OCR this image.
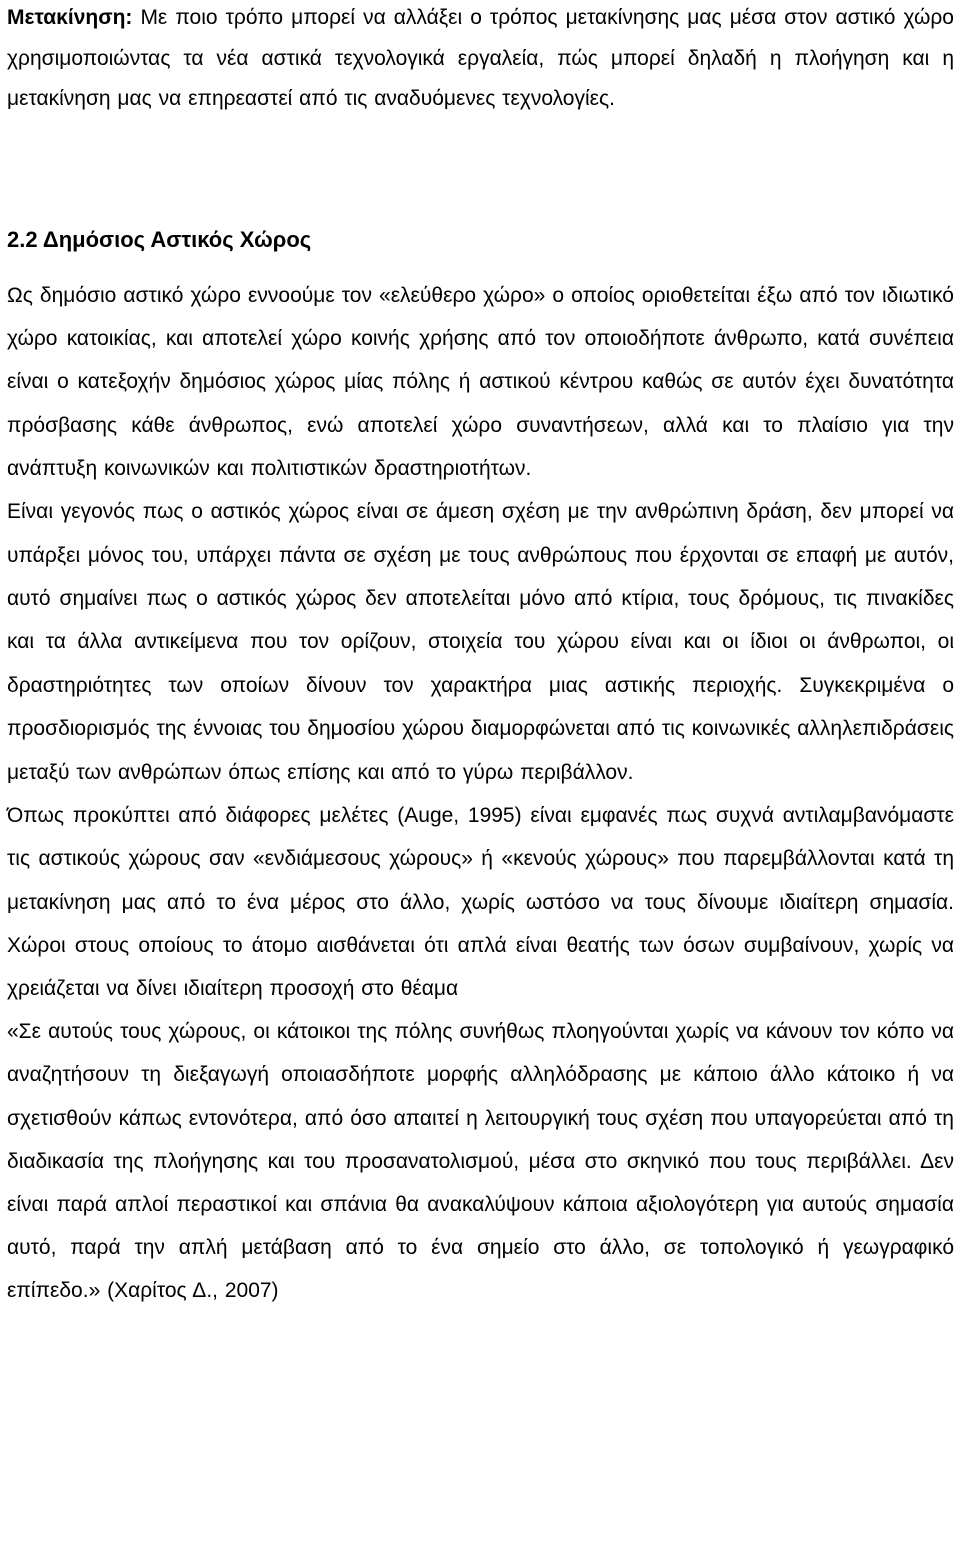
Μετακίνηση: Με ποιο τρόπο μπορεί να αλλάξει ο τρόπος μετακίνησης μας μέσα στον αστικό χώρο χρησιμοποιώντας τα νέα αστικά τεχνολογικά εργαλεία, πώς μπορεί δηλαδή η πλοήγηση και η μετακίνηση μας να επηρεαστεί από τις αναδυόμενες τεχνολογίες.

2.2 Δημόσιος Αστικός Χώρος

Ως δημόσιο αστικό χώρο εννοούμε τον «ελεύθερο χώρο» ο οποίος οριοθετείται έξω από τον ιδιωτικό χώρο κατοικίας, και αποτελεί χώρο κοινής χρήσης από τον οποιοδήποτε άνθρωπο, κατά συνέπεια είναι ο κατεξοχήν δημόσιος χώρος μίας πόλης ή αστικού κέντρου καθώς σε αυτόν έχει δυνατότητα πρόσβασης κάθε άνθρωπος, ενώ αποτελεί χώρο συναντήσεων, αλλά και το πλαίσιο για την ανάπτυξη κοινωνικών και πολιτιστικών δραστηριοτήτων.

Είναι γεγονός πως ο αστικός χώρος είναι σε άμεση σχέση με την ανθρώπινη δράση, δεν μπορεί να υπάρξει μόνος του, υπάρχει πάντα σε σχέση με τους ανθρώπους που έρχονται σε επαφή με αυτόν, αυτό σημαίνει πως ο αστικός χώρος δεν αποτελείται μόνο από κτίρια, τους δρόμους, τις πινακίδες και τα άλλα αντικείμενα που τον ορίζουν, στοιχεία του χώρου είναι και οι ίδιοι οι άνθρωποι, οι δραστηριότητες των οποίων δίνουν τον χαρακτήρα μιας αστικής περιοχής. Συγκεκριμένα ο προσδιορισμός της έννοιας του δημοσίου χώρου διαμορφώνεται από τις κοινωνικές αλληλεπιδράσεις μεταξύ των ανθρώπων όπως επίσης και από το γύρω περιβάλλον.

Όπως προκύπτει από διάφορες μελέτες (Auge, 1995) είναι εμφανές πως συχνά αντιλαμβανόμαστε τις αστικούς χώρους σαν «ενδιάμεσους χώρους» ή «κενούς χώρους» που παρεμβάλλονται κατά τη μετακίνηση μας από το ένα μέρος στο άλλο, χωρίς ωστόσο να τους δίνουμε ιδιαίτερη σημασία. Χώροι στους οποίους το άτομο αισθάνεται ότι απλά είναι θεατής των όσων συμβαίνουν, χωρίς να χρειάζεται να δίνει ιδιαίτερη προσοχή στο θέαμα

«Σε αυτούς τους χώρους, οι κάτοικοι της πόλης συνήθως πλοηγούνται χωρίς να κάνουν τον κόπο να αναζητήσουν τη διεξαγωγή οποιασδήποτε μορφής αλληλόδρασης με κάποιο άλλο κάτοικο ή να σχετισθούν κάπως εντονότερα, από όσο απαιτεί η λειτουργική τους σχέση που υπαγορεύεται από τη διαδικασία της πλοήγησης και του προσανατολισμού, μέσα στο σκηνικό που τους περιβάλλει. Δεν είναι παρά απλοί περαστικοί και σπάνια θα ανακαλύψουν κάποια αξιολογότερη για αυτούς σημασία αυτό, παρά την απλή μετάβαση από το ένα σημείο στο άλλο, σε τοπολογικό ή γεωγραφικό επίπεδο.» (Χαρίτος Δ., 2007)
